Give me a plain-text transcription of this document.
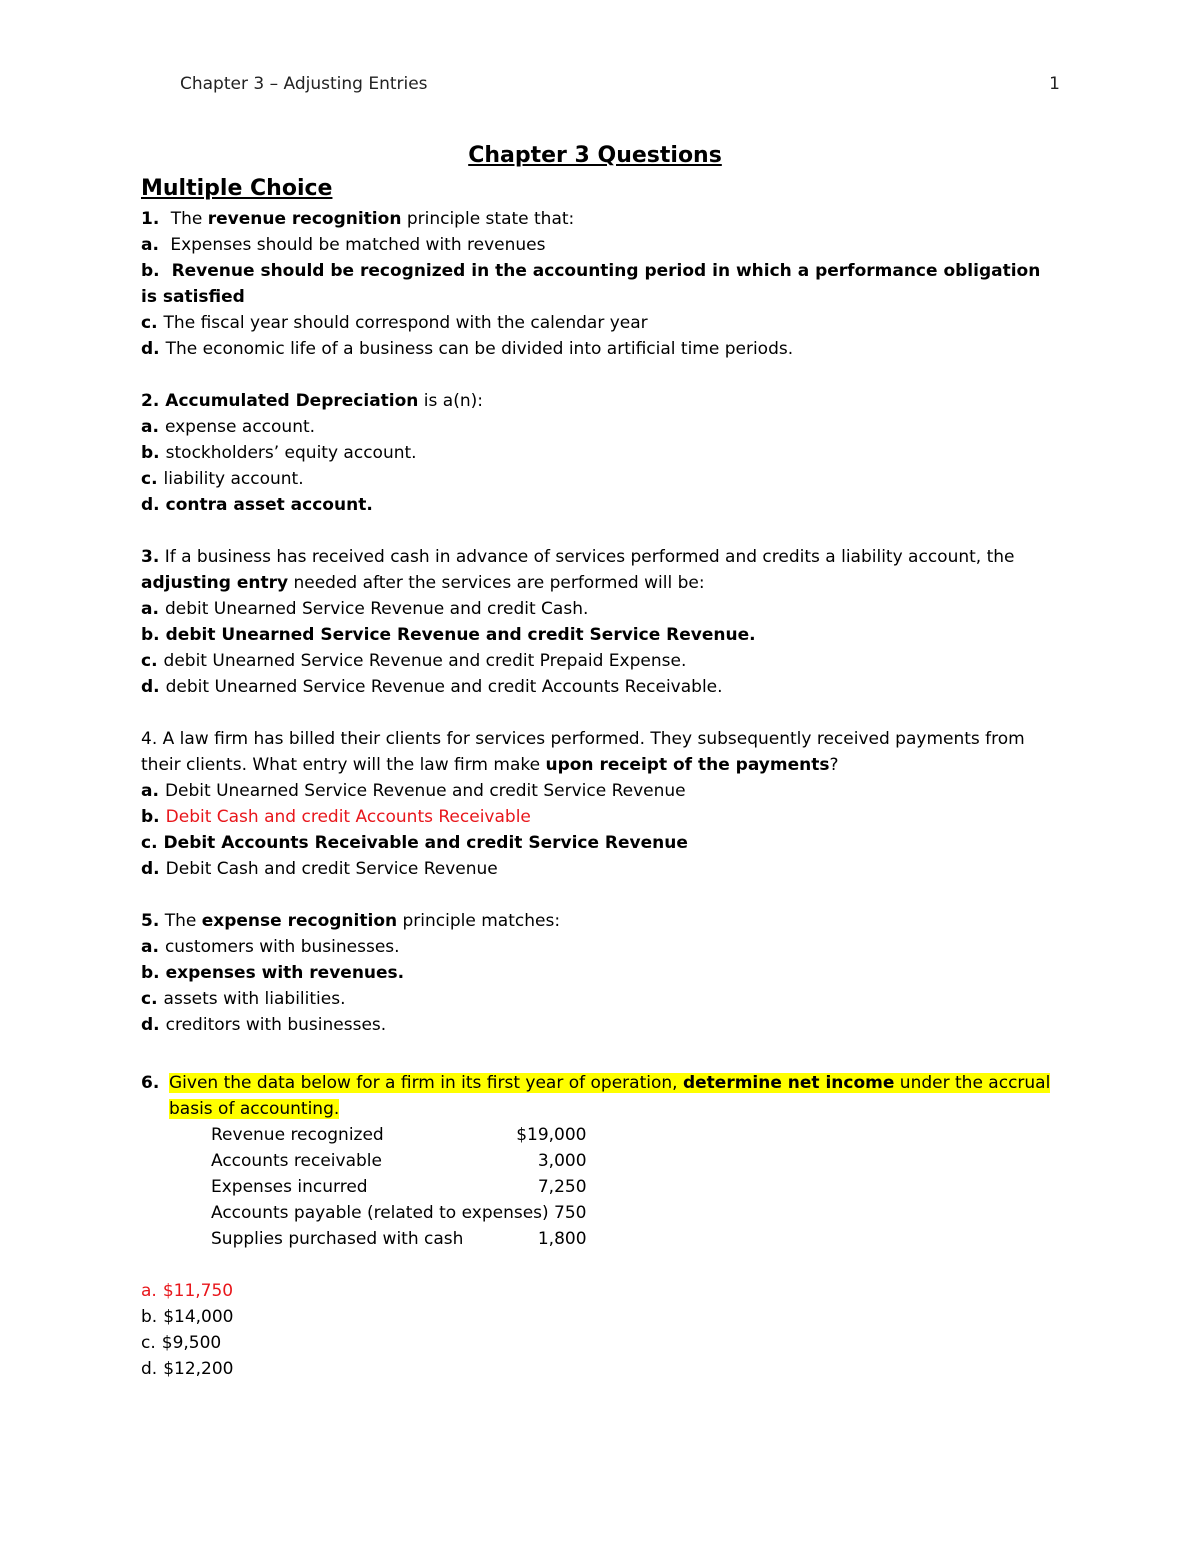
Chapter 3 – Adjusting Entries	1
Chapter 3 Questions
Multiple Choice

1. The revenue recognition principle state that:

a. Expenses should be matched with revenues

b. Revenue should be recognized in the accounting period in which a performance obligation

is satisfied

c. The fiscal year should correspond with the calendar year

d. The economic life of a business can be divided into artificial time periods.

2. Accumulated Depreciation is a(n):

a. expense account.

b. stockholders’ equity account.

c. liability account.

d. contra asset account.

3. If a business has received cash in advance of services performed and credits a liability account, the

adjusting entry needed after the services are performed will be:

a. debit Unearned Service Revenue and credit Cash.

b. debit Unearned Service Revenue and credit Service Revenue.

c. debit Unearned Service Revenue and credit Prepaid Expense.

d. debit Unearned Service Revenue and credit Accounts Receivable.

4. A law firm has billed their clients for services performed. They subsequently received payments from

their clients. What entry will the law firm make upon receipt of the payments?

a. Debit Unearned Service Revenue and credit Service Revenue

b. Debit Cash and credit Accounts Receivable

c. Debit Accounts Receivable and credit Service Revenue

d. Debit Cash and credit Service Revenue

5. The expense recognition principle matches:

a. customers with businesses.

b. expenses with revenues.

c. assets with liabilities.

d. creditors with businesses.

6. Given the data below for a firm in its first year of operation, determine net income under the accrual

basis of accounting.

Revenue recognized	$19,000
Accounts receivable	3,000
Expenses incurred	7,250
Accounts payable (related to expenses) 750	
Supplies purchased with cash	1,800

a. $11,750

b. $14,000

c. $9,500

d. $12,200
